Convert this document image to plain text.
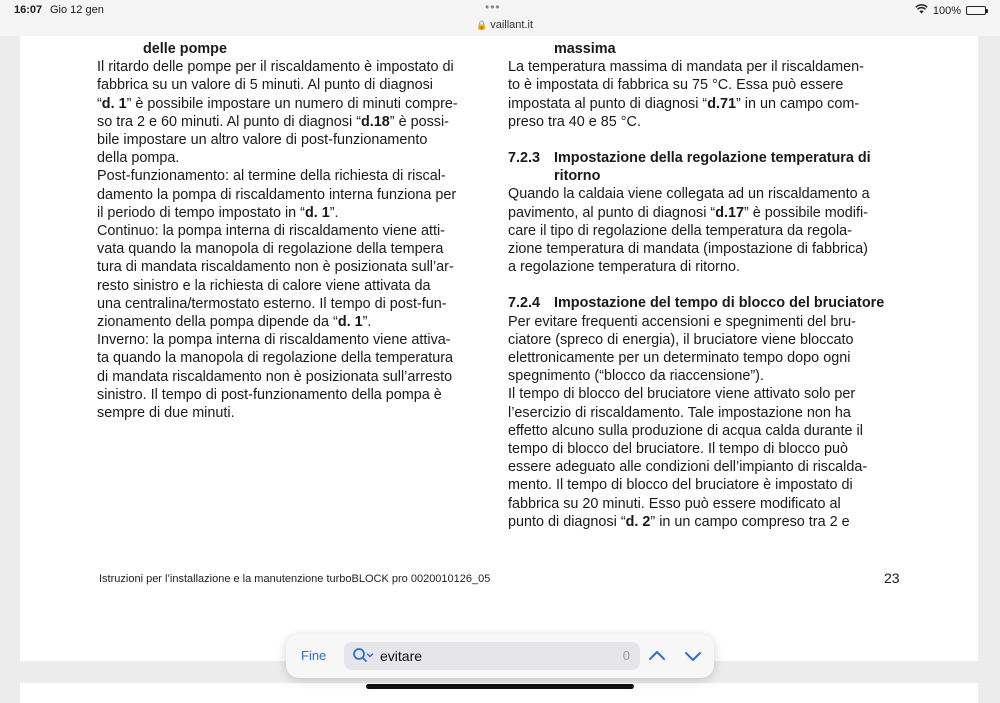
16:07 Gio 12 gen	•••
🔒 vaillant.it
100%

delle pompe

Il ritardo delle pompe per il riscaldamento è impostato di
fabbrica su un valore di 5 minuti. Al punto di diagnosi
“d. 1” è possibile impostare un numero di minuti compre-
so tra 2 e 60 minuti. Al punto di diagnosi “d.18” è possi-
bile impostare un altro valore di post-funzionamento
della pompa.
Post-funzionamento: al termine della richiesta di riscal-
damento la pompa di riscaldamento interna funziona per
il periodo di tempo impostato in “d. 1”.
Continuo: la pompa interna di riscaldamento viene atti-
vata quando la manopola di regolazione della tempera
tura di mandata riscaldamento non è posizionata sull’ar-
resto sinistro e la richiesta di calore viene attivata da
una centralina/termostato esterno. Il tempo di post-fun-
zionamento della pompa dipende da “d. 1”.
Inverno: la pompa interna di riscaldamento viene attiva-
ta quando la manopola di regolazione della temperatura
di mandata riscaldamento non è posizionata sull’arresto
sinistro. Il tempo di post-funzionamento della pompa è
sempre di due minuti.

massima

La temperatura massima di mandata per il riscaldamen-
to è impostata di fabbrica su 75 °C. Essa può essere
impostata al punto di diagnosi “d.71” in un campo com-
preso tra 40 e 85 °C.

7.2.3 Impostazione della regolazione temperatura di
ritorno

Quando la caldaia viene collegata ad un riscaldamento a
pavimento, al punto di diagnosi “d.17” è possibile modifi-
care il tipo di regolazione della temperatura da regola-
zione temperatura di mandata (impostazione di fabbrica)
a regolazione temperatura di ritorno.

7.2.4 Impostazione del tempo di blocco del bruciatore

Per evitare frequenti accensioni e spegnimenti del bru-
ciatore (spreco di energia), il bruciatore viene bloccato
elettronicamente per un determinato tempo dopo ogni
spegnimento (“blocco da riaccensione”).

Il tempo di blocco del bruciatore viene attivato solo per
l’esercizio di riscaldamento. Tale impostazione non ha
effetto alcuno sulla produzione di acqua calda durante il
tempo di blocco del bruciatore. Il tempo di blocco può
essere adeguato alle condizioni dell’impianto di riscalda-
mento. Il tempo di blocco del bruciatore è impostato di
fabbrica su 20 minuti. Esso può essere modificato al
punto di diagnosi “d. 2” in un campo compreso tra 2 e

Istruzioni per l’installazione e la manutenzione turboBLOCK pro 0020010126_05	23
Fine
evitare	0
